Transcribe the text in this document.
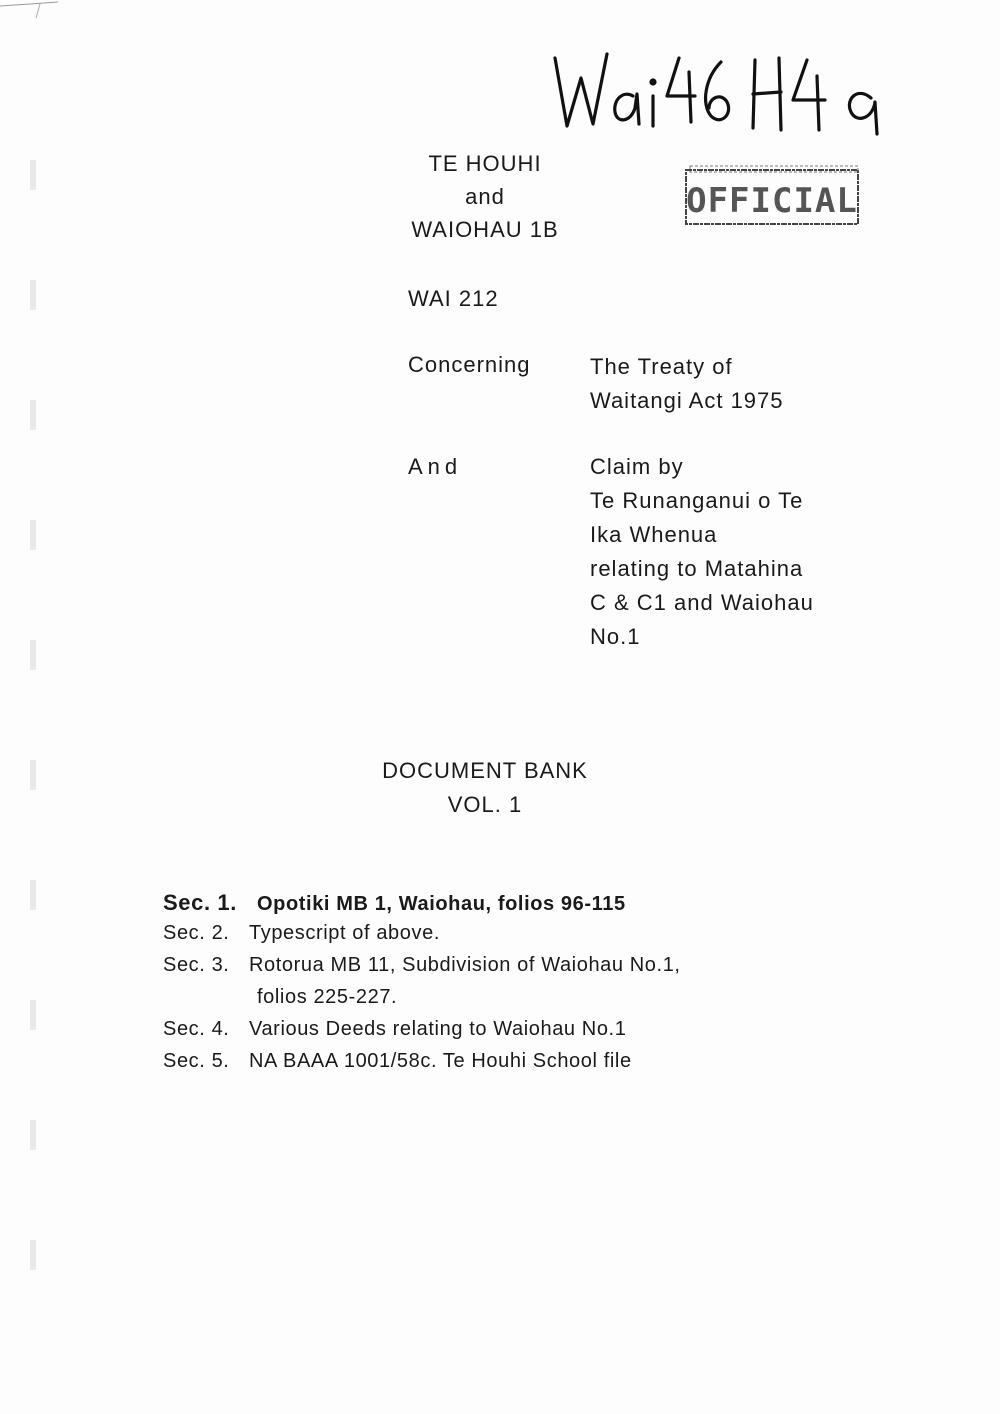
OFFICIAL
TE HOUHI
and
WAIOHAU 1B
WAI 212
Concerning	The Treaty of
Waitangi Act 1975
And	Claim by
Te Runanganui o Te
Ika Whenua
relating to Matahina
C & C1 and Waiohau
No.1
DOCUMENT BANK
VOL. 1
Sec. 1.	Opotiki MB 1, Waiohau, folios 96-115
Sec. 2. Typescript of above.
Sec. 3. Rotorua MB 11, Subdivision of Waiohau No.1,
folios 225-227.
Sec. 4. Various Deeds relating to Waiohau No.1
Sec. 5. NA BAAA 1001/58c. Te Houhi School file
